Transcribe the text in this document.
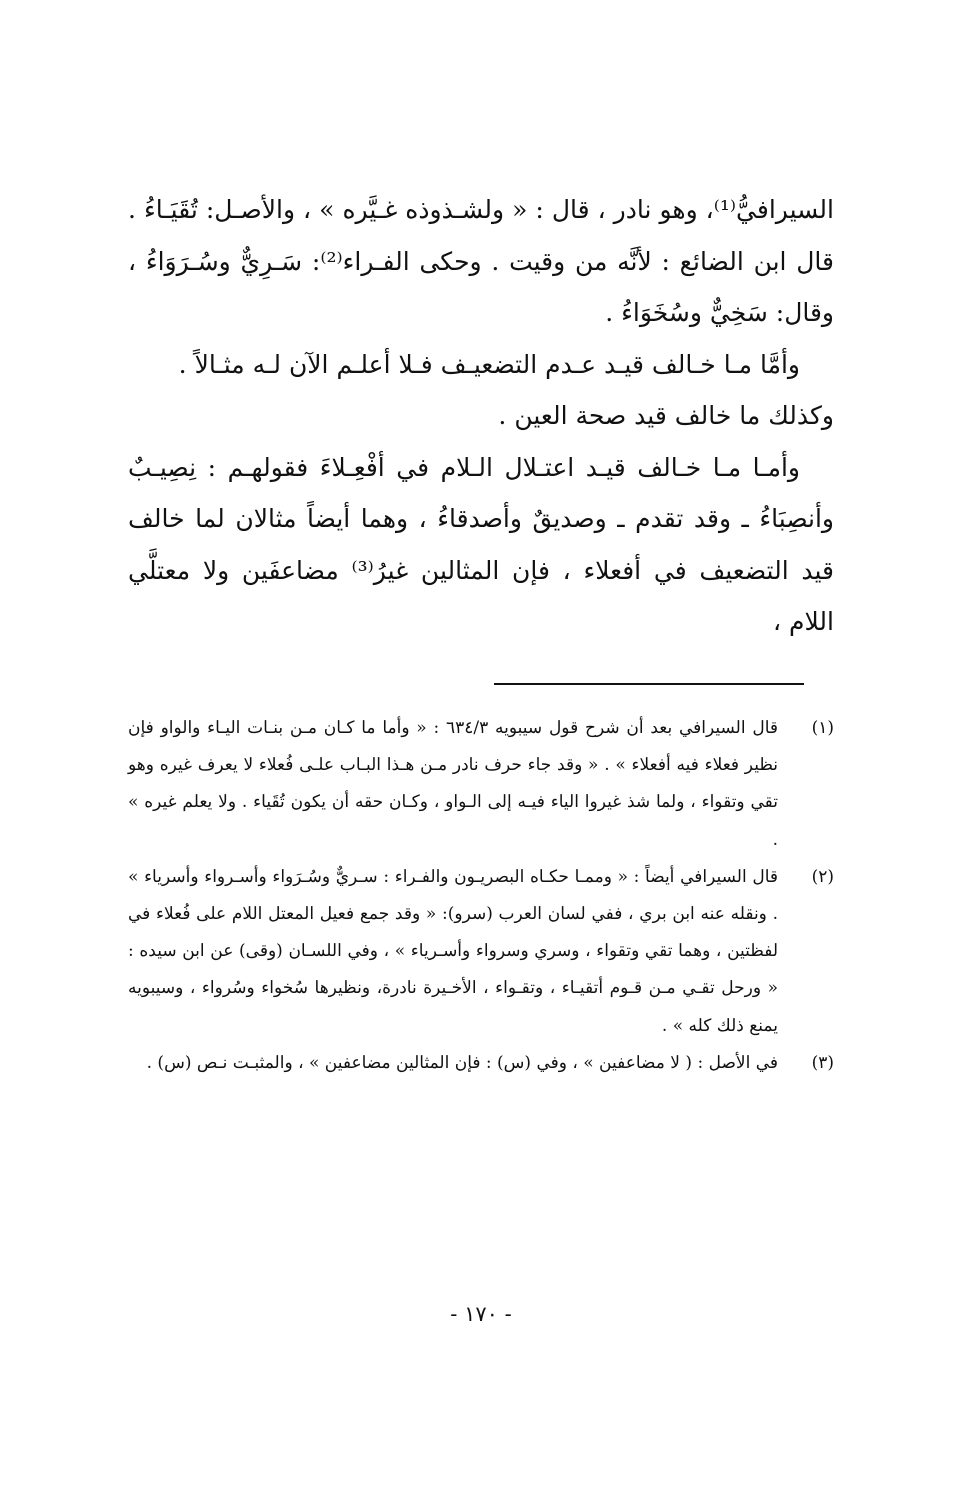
السيرافيُّ⁽¹⁾، وهو نادر ، قال : « ولشـذوذه غـيَّره » ، والأصـل: تُقَيَـاءُ . قال ابن الضائع : لأنَّه من وقيت . وحكى الفـراء⁽²⁾: سَـرِيٌّ وسُـرَوَاءُ ، وقال: سَخِيٌّ وسُخَوَاءُ .

وأمَّا مـا خـالف قيـد عـدم التضعيـف فـلا أعلـم الآن لـه مثـالاً .

وكذلك ما خالف قيد صحة العين .

وأمـا مـا خـالف قيـد اعتـلال الـلام في أفْعِـلاءَ فقولهـم : نِصِيـبٌ وأنصِبَاءُ ـ وقد تقدم ـ وصديقٌ وأصدقاءُ ، وهما أيضاً مثالان لما خالف قيد التضعيف في أفعلاء ، فإن المثالين غيرُ⁽³⁾ مضاعفَين ولا معتلَّي اللام ،

(١)
قال السيرافي بعد أن شرح قول سيبويه ٦٣٤/٣ : « وأما ما كـان مـن بنـات اليـاء والواو فإن نظير فعلاء فيه أفعلاء » . « وقد جاء حرف نادر مـن هـذا البـاب علـى فُعلاء لا يعرف غيره وهو تقي وتقواء ، ولما شذ غيروا الياء فيـه إلى الـواو ، وكـان حقه أن يكون تُقَياء . ولا يعلم غيره » .
(٢)
قال السيرافي أيضاً : « وممـا حكـاه البصريـون والفـراء : سـريٌّ وسُـرَواء وأسـرواء وأسرياء » . ونقله عنه ابن بري ، ففي لسان العرب (سرو): « وقد جمع فعيل المعتل اللام على فُعلاء في لفظتين ، وهما تقي وتقواء ، وسري وسرواء وأسـرياء » ، وفي اللسـان (وقى) عن ابن سيده : « ورحل تقـي مـن قـوم أتقيـاء ، وتقـواء ، الأخـيرة نادرة، ونظيرها سُخواء وسُرواء ، وسيبويه يمنع ذلك كله » .
(٣)
في الأصل : ( لا مضاعفين » ، وفي (س) : فإن المثالين مضاعفين » ، والمثبـت نـص (س) .
- ١٧٠ -
